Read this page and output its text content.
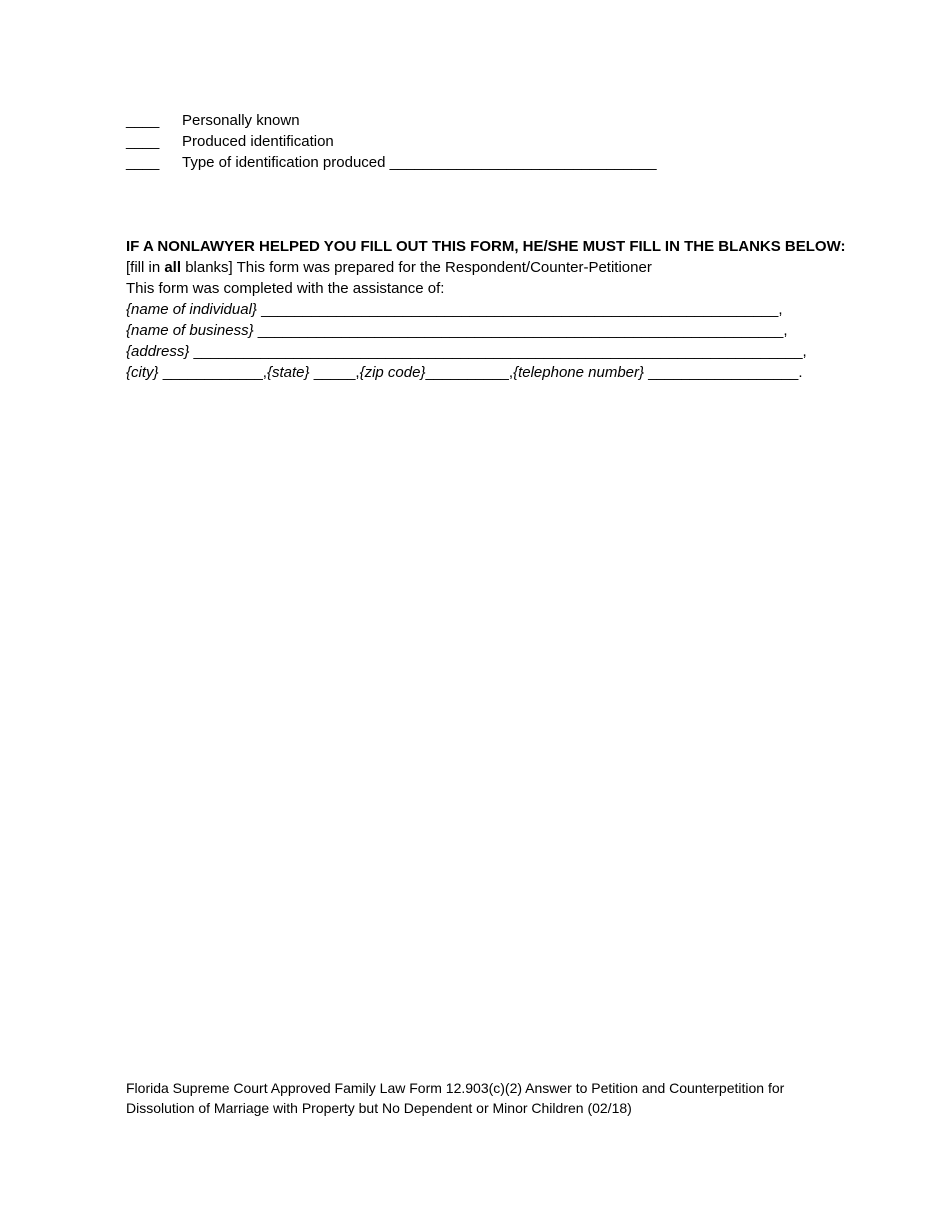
____ Personally known
____ Produced identification
____ Type of identification produced ________________________________
IF A NONLAWYER HELPED YOU FILL OUT THIS FORM, HE/SHE MUST FILL IN THE BLANKS BELOW:
[fill in all blanks] This form was prepared for the Respondent/Counter-Petitioner
This form was completed with the assistance of:
{name of individual} ______________________________________________________________,
{name of business} _______________________________________________________________,
{address} _________________________________________________________________________,
{city} ____________,{state} _____,{zip code}__________,{telephone number} __________________.
Florida Supreme Court Approved Family Law Form 12.903(c)(2) Answer to Petition and Counterpetition for
Dissolution of Marriage with Property but No Dependent or Minor Children (02/18)
